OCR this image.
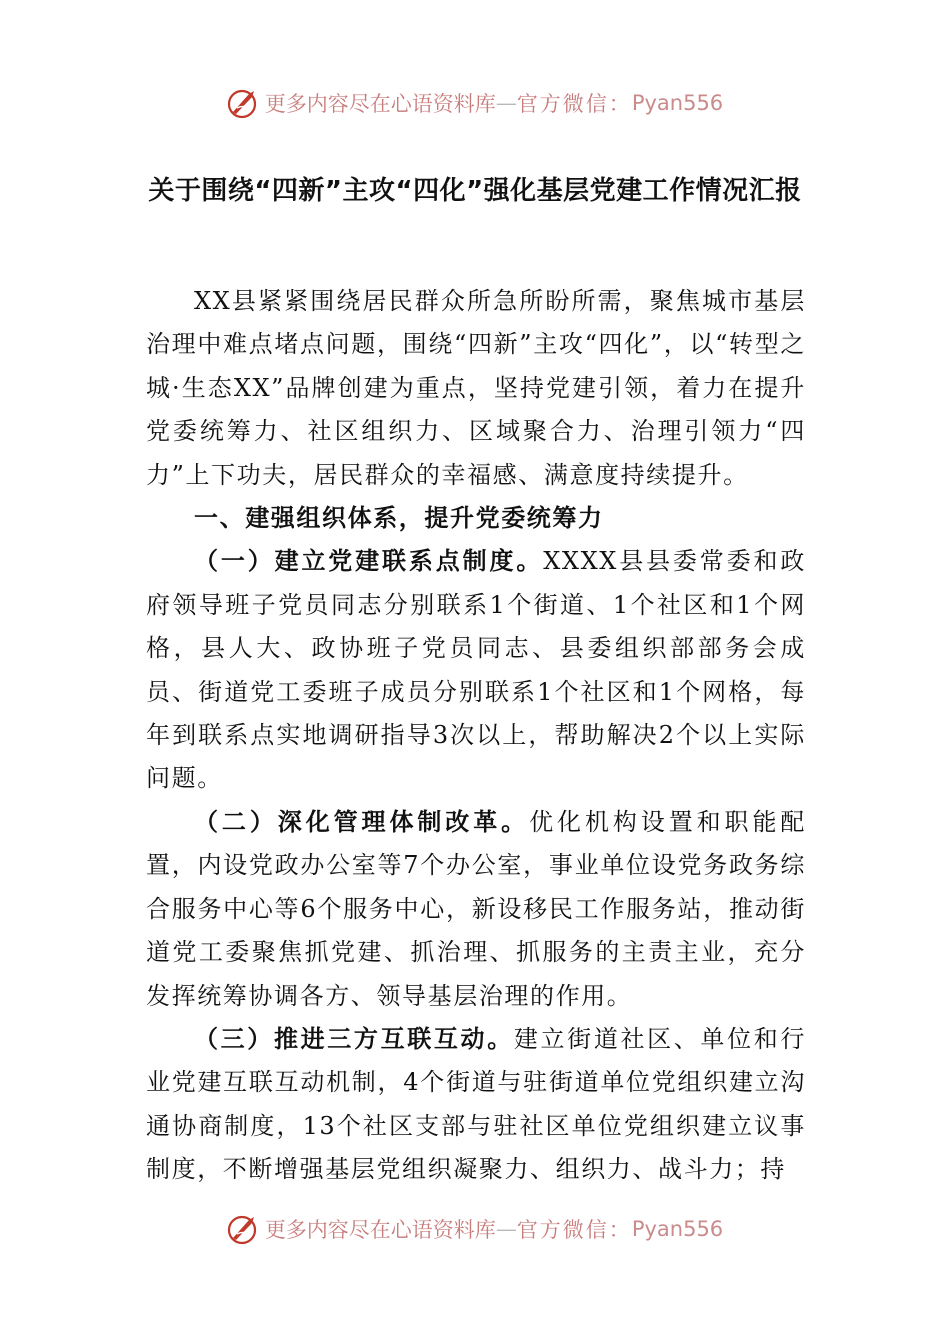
更多内容尽在心语资料库 — 官方微信： Pyan556
关于围绕“四新”主攻“四化”强化基层党建工作情况汇报

XX县紧紧围绕居民群众所急所盼所需，聚焦城市基层治理中难点堵点问题，围绕“四新”主攻“四化”，以“转型之城·生态XX”品牌创建为重点，坚持党建引领，着力在提升党委统筹力、社区组织力、区域聚合力、治理引领力“四力”上下功夫，居民群众的幸福感、满意度持续提升。

一、建强组织体系，提升党委统筹力

（一）建立党建联系点制度。XXXX县县委常委和政府领导班子党员同志分别联系1个街道、1个社区和1个网格，县人大、政协班子党员同志、县委组织部部务会成员、街道党工委班子成员分别联系1个社区和1个网格，每年到联系点实地调研指导3次以上，帮助解决2个以上实际问题。

（二）深化管理体制改革。优化机构设置和职能配置，内设党政办公室等7个办公室，事业单位设党务政务综合服务中心等6个服务中心，新设移民工作服务站，推动街道党工委聚焦抓党建、抓治理、抓服务的主责主业，充分发挥统筹协调各方、领导基层治理的作用。

（三）推进三方互联互动。建立街道社区、单位和行业党建互联互动机制，4个街道与驻街道单位党组织建立沟通协商制度，13个社区支部与驻社区单位党组织建立议事制度，不断增强基层党组织凝聚力、组织力、战斗力；持

更多内容尽在心语资料库 — 官方微信： Pyan556
